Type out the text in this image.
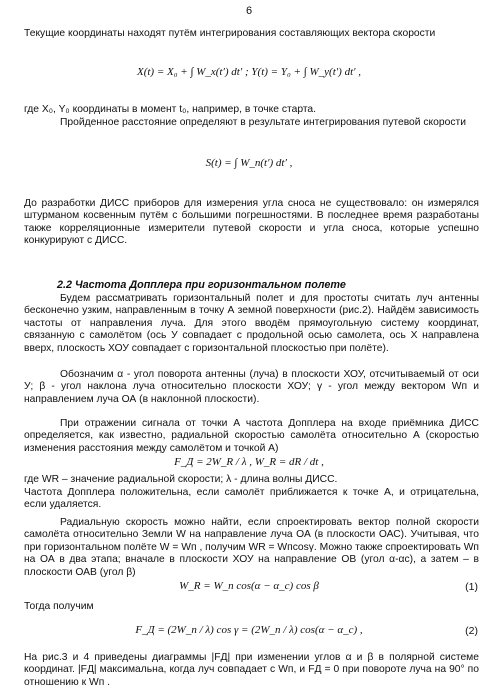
6

Текущие координаты находят путём интегрирования составляющих вектора скорости

X(t) = X₀ + ∫ W_x(t′) dt′ ; Y(t) = Y₀ + ∫ W_y(t′) dt′ ,

где X₀, Y₀ координаты в момент t₀, например, в точке старта.

Пройденное расстояние определяют в результате интегрирования путевой скорости

S(t) = ∫ W_п(t′) dt′ ,

До разработки ДИСС приборов для измерения угла сноса не существовало: он измерялся штурманом косвенным путём с большими погрешностями. В последнее время разработаны также корреляционные измерители путевой скорости и угла сноса, которые успешно конкурируют с ДИСС.

2.2 Частота Допплера при горизонтальном полете

Будем рассматривать горизонтальный полет и для простоты считать луч антенны бесконечно узким, направленным в точку А земной поверхности (рис.2). Найдём зависимость частоты от направления луча. Для этого вводём прямоугольную систему координат, связанную с самолётом (ось У совпадает с продольной осью самолета, ось Х направлена вверх, плоскость ХОУ совпадает с горизонтальной плоскостью при полёте).

Обозначим α - угол поворота антенны (луча) в плоскости ХОУ, отсчитываемый от оси У; β - угол наклона луча относительно плоскости ХОУ; γ - угол между вектором Wп и направлением луча ОА (в наклонной плоскости).

При отражении сигнала от точки А частота Допплера на входе приёмника ДИСС определяется, как известно, радиальной скоростью самолёта относительно А (скоростью изменения расстояния между самолётом и точкой А)

F_Д = 2W_R / λ , W_R = dR / dt ,

где WR – значение радиальной скорости; λ - длина волны ДИСС.

Частота Допплера положительна, если самолёт приближается к точке А, и отрицательна, если удаляется.

Радиальную скорость можно найти, если спроектировать вектор полной скорости самолёта относительно Земли W на направление луча ОА (в плоскости ОАС). Учитывая, что при горизонтальном полёте W = Wп , получим WR = Wпcosγ. Можно также спроектировать Wп на ОА в два этапа; вначале в плоскости ХОУ на направление ОВ (угол α-αc), а затем – в плоскости ОАВ (угол β)

W_R = W_п cos(α − α_c) cos β	(1)

Тогда получим

F_Д = (2W_п / λ) cos γ = (2W_п / λ) cos(α − α_c) ,	(2)

На рис.3 и 4 приведены диаграммы |FД| при изменении углов α и β в полярной системе координат. |FД| максимальна, когда луч совпадает с Wп, и FД = 0 при повороте луча на 90° по отношению к Wп .
